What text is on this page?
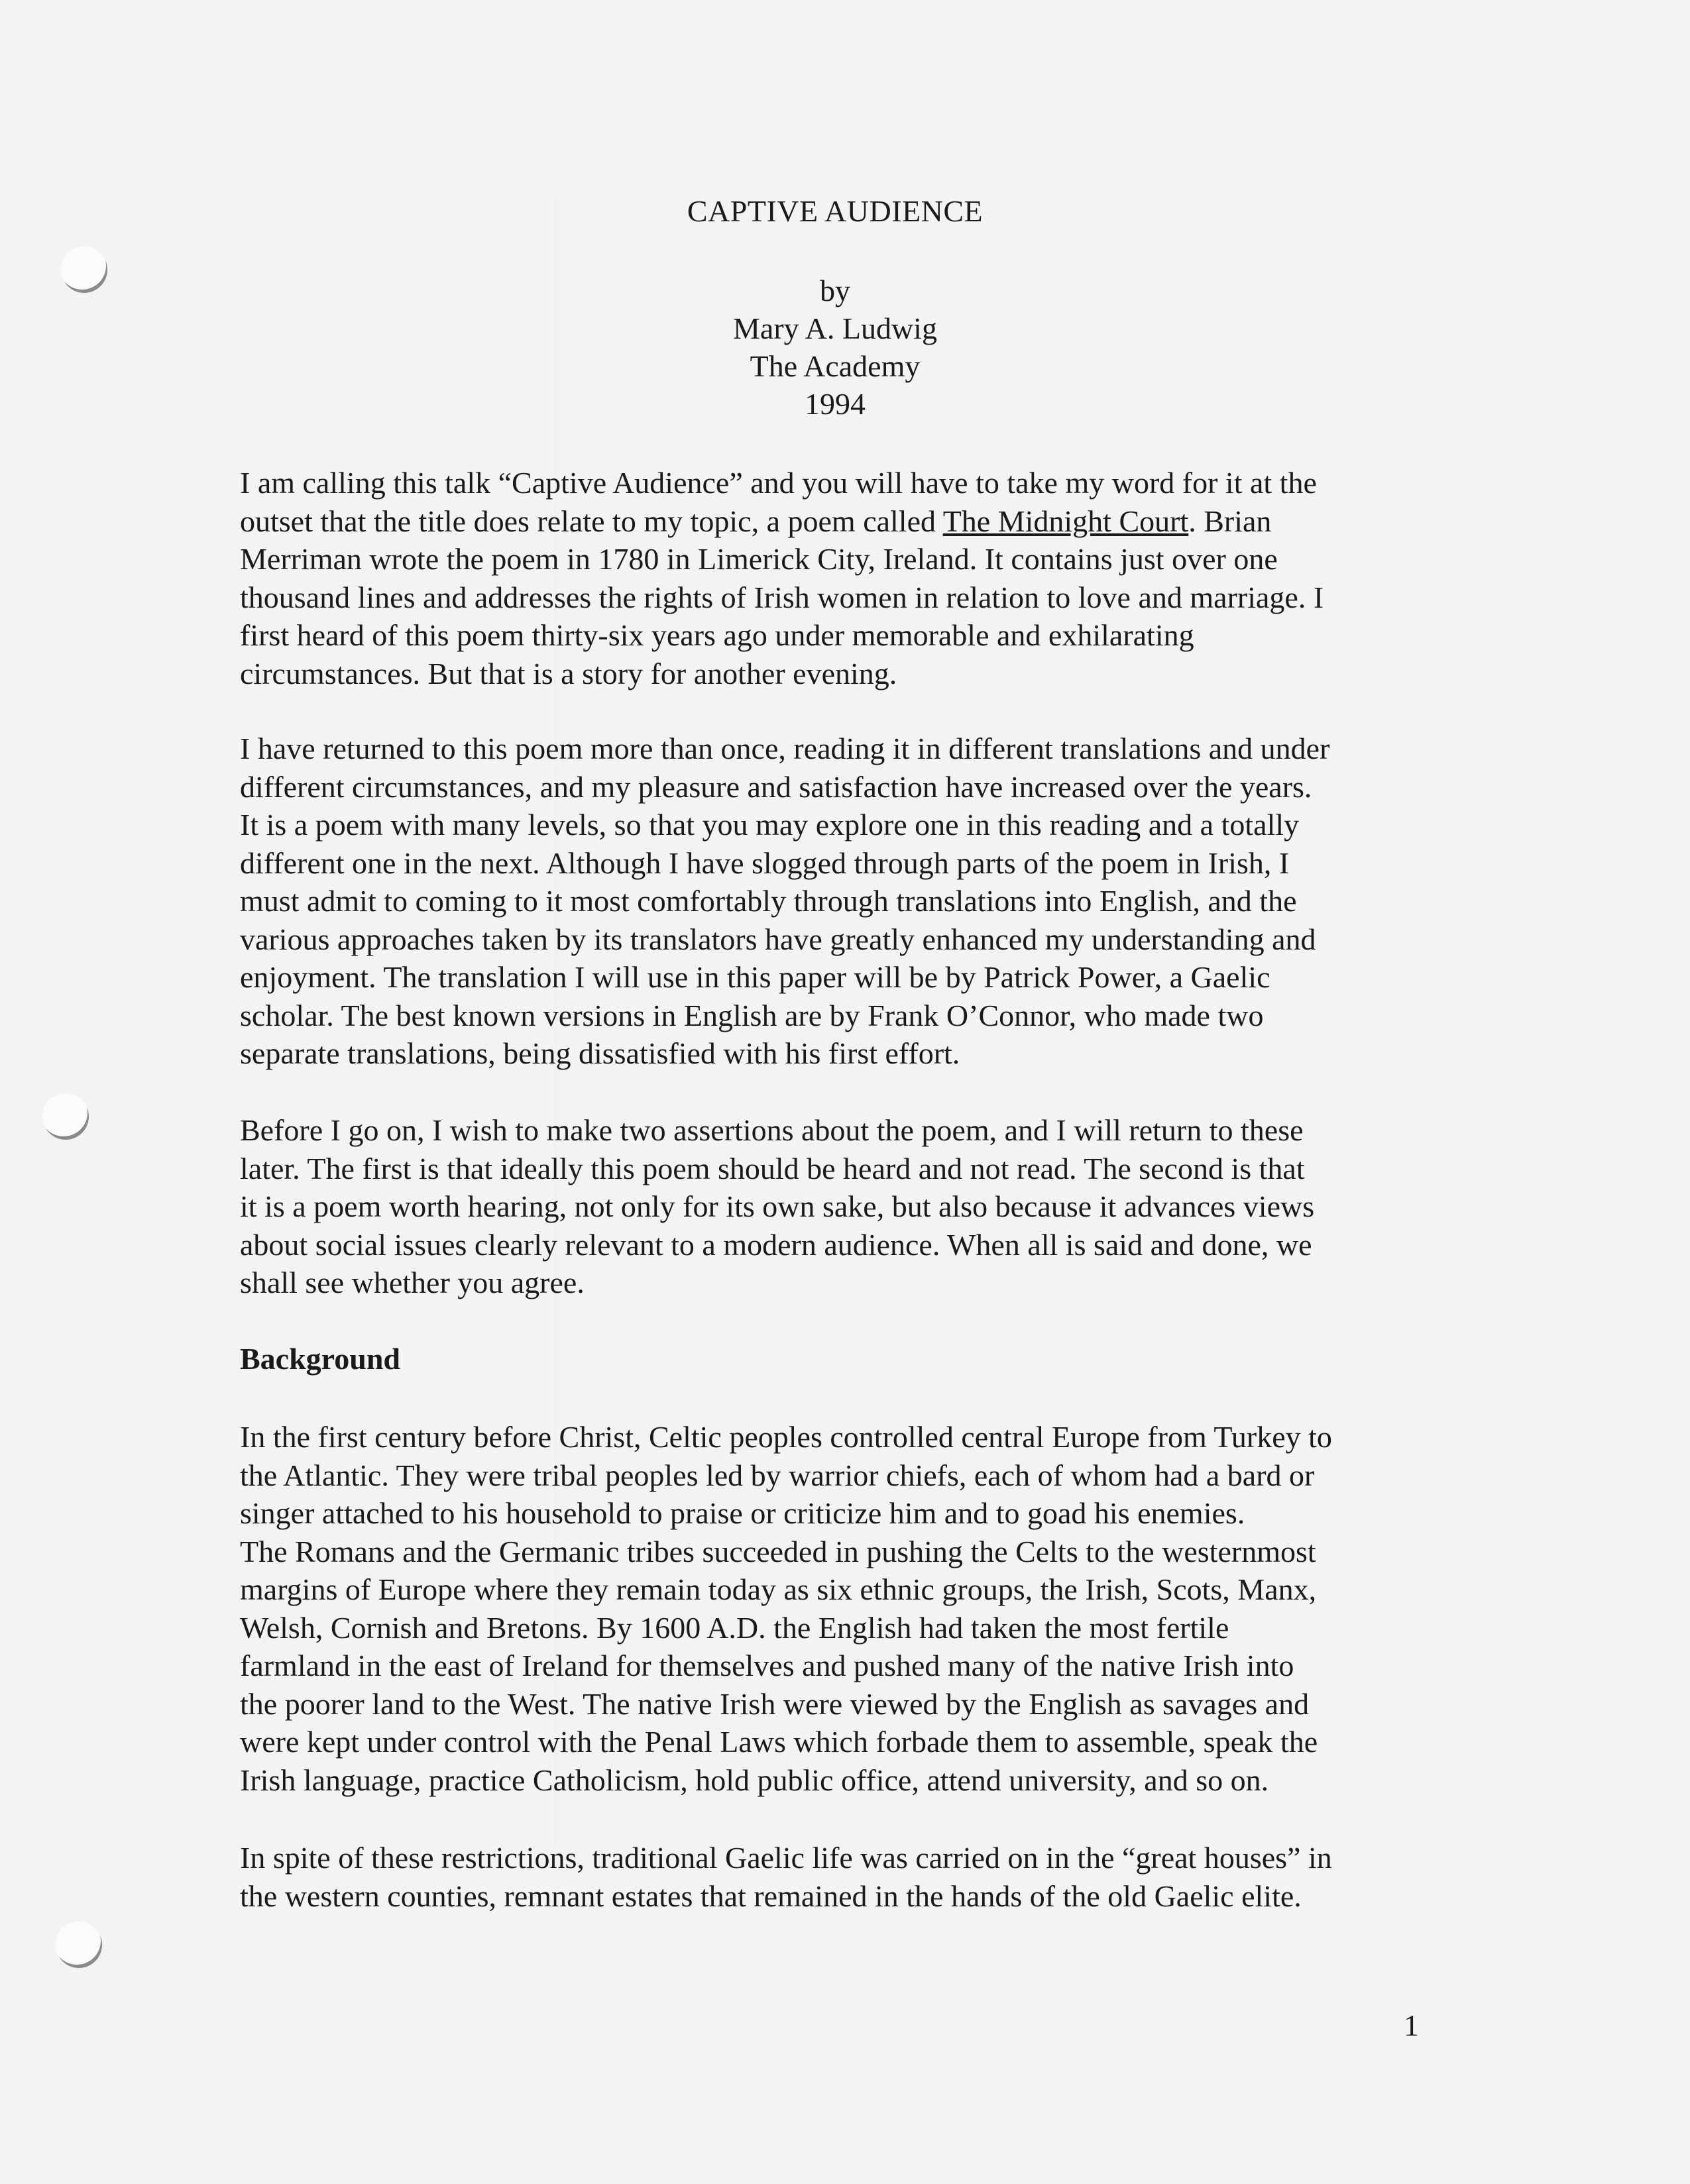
CAPTIVE AUDIENCE
by
Mary A. Ludwig
The Academy
1994
I am calling this talk “Captive Audience” and you will have to take my word for it at the
outset that the title does relate to my topic, a poem called The Midnight Court. Brian
Merriman wrote the poem in 1780 in Limerick City, Ireland. It contains just over one
thousand lines and addresses the rights of Irish women in relation to love and marriage. I
first heard of this poem thirty-six years ago under memorable and exhilarating
circumstances. But that is a story for another evening.
I have returned to this poem more than once, reading it in different translations and under
different circumstances, and my pleasure and satisfaction have increased over the years.
It is a poem with many levels, so that you may explore one in this reading and a totally
different one in the next. Although I have slogged through parts of the poem in Irish, I
must admit to coming to it most comfortably through translations into English, and the
various approaches taken by its translators have greatly enhanced my understanding and
enjoyment. The translation I will use in this paper will be by Patrick Power, a Gaelic
scholar. The best known versions in English are by Frank O’Connor, who made two
separate translations, being dissatisfied with his first effort.
Before I go on, I wish to make two assertions about the poem, and I will return to these
later. The first is that ideally this poem should be heard and not read. The second is that
it is a poem worth hearing, not only for its own sake, but also because it advances views
about social issues clearly relevant to a modern audience. When all is said and done, we
shall see whether you agree.
Background
In the first century before Christ, Celtic peoples controlled central Europe from Turkey to
the Atlantic. They were tribal peoples led by warrior chiefs, each of whom had a bard or
singer attached to his household to praise or criticize him and to goad his enemies.
The Romans and the Germanic tribes succeeded in pushing the Celts to the westernmost
margins of Europe where they remain today as six ethnic groups, the Irish, Scots, Manx,
Welsh, Cornish and Bretons. By 1600 A.D. the English had taken the most fertile
farmland in the east of Ireland for themselves and pushed many of the native Irish into
the poorer land to the West. The native Irish were viewed by the English as savages and
were kept under control with the Penal Laws which forbade them to assemble, speak the
Irish language, practice Catholicism, hold public office, attend university, and so on.
In spite of these restrictions, traditional Gaelic life was carried on in the “great houses” in
the western counties, remnant estates that remained in the hands of the old Gaelic elite.
1
